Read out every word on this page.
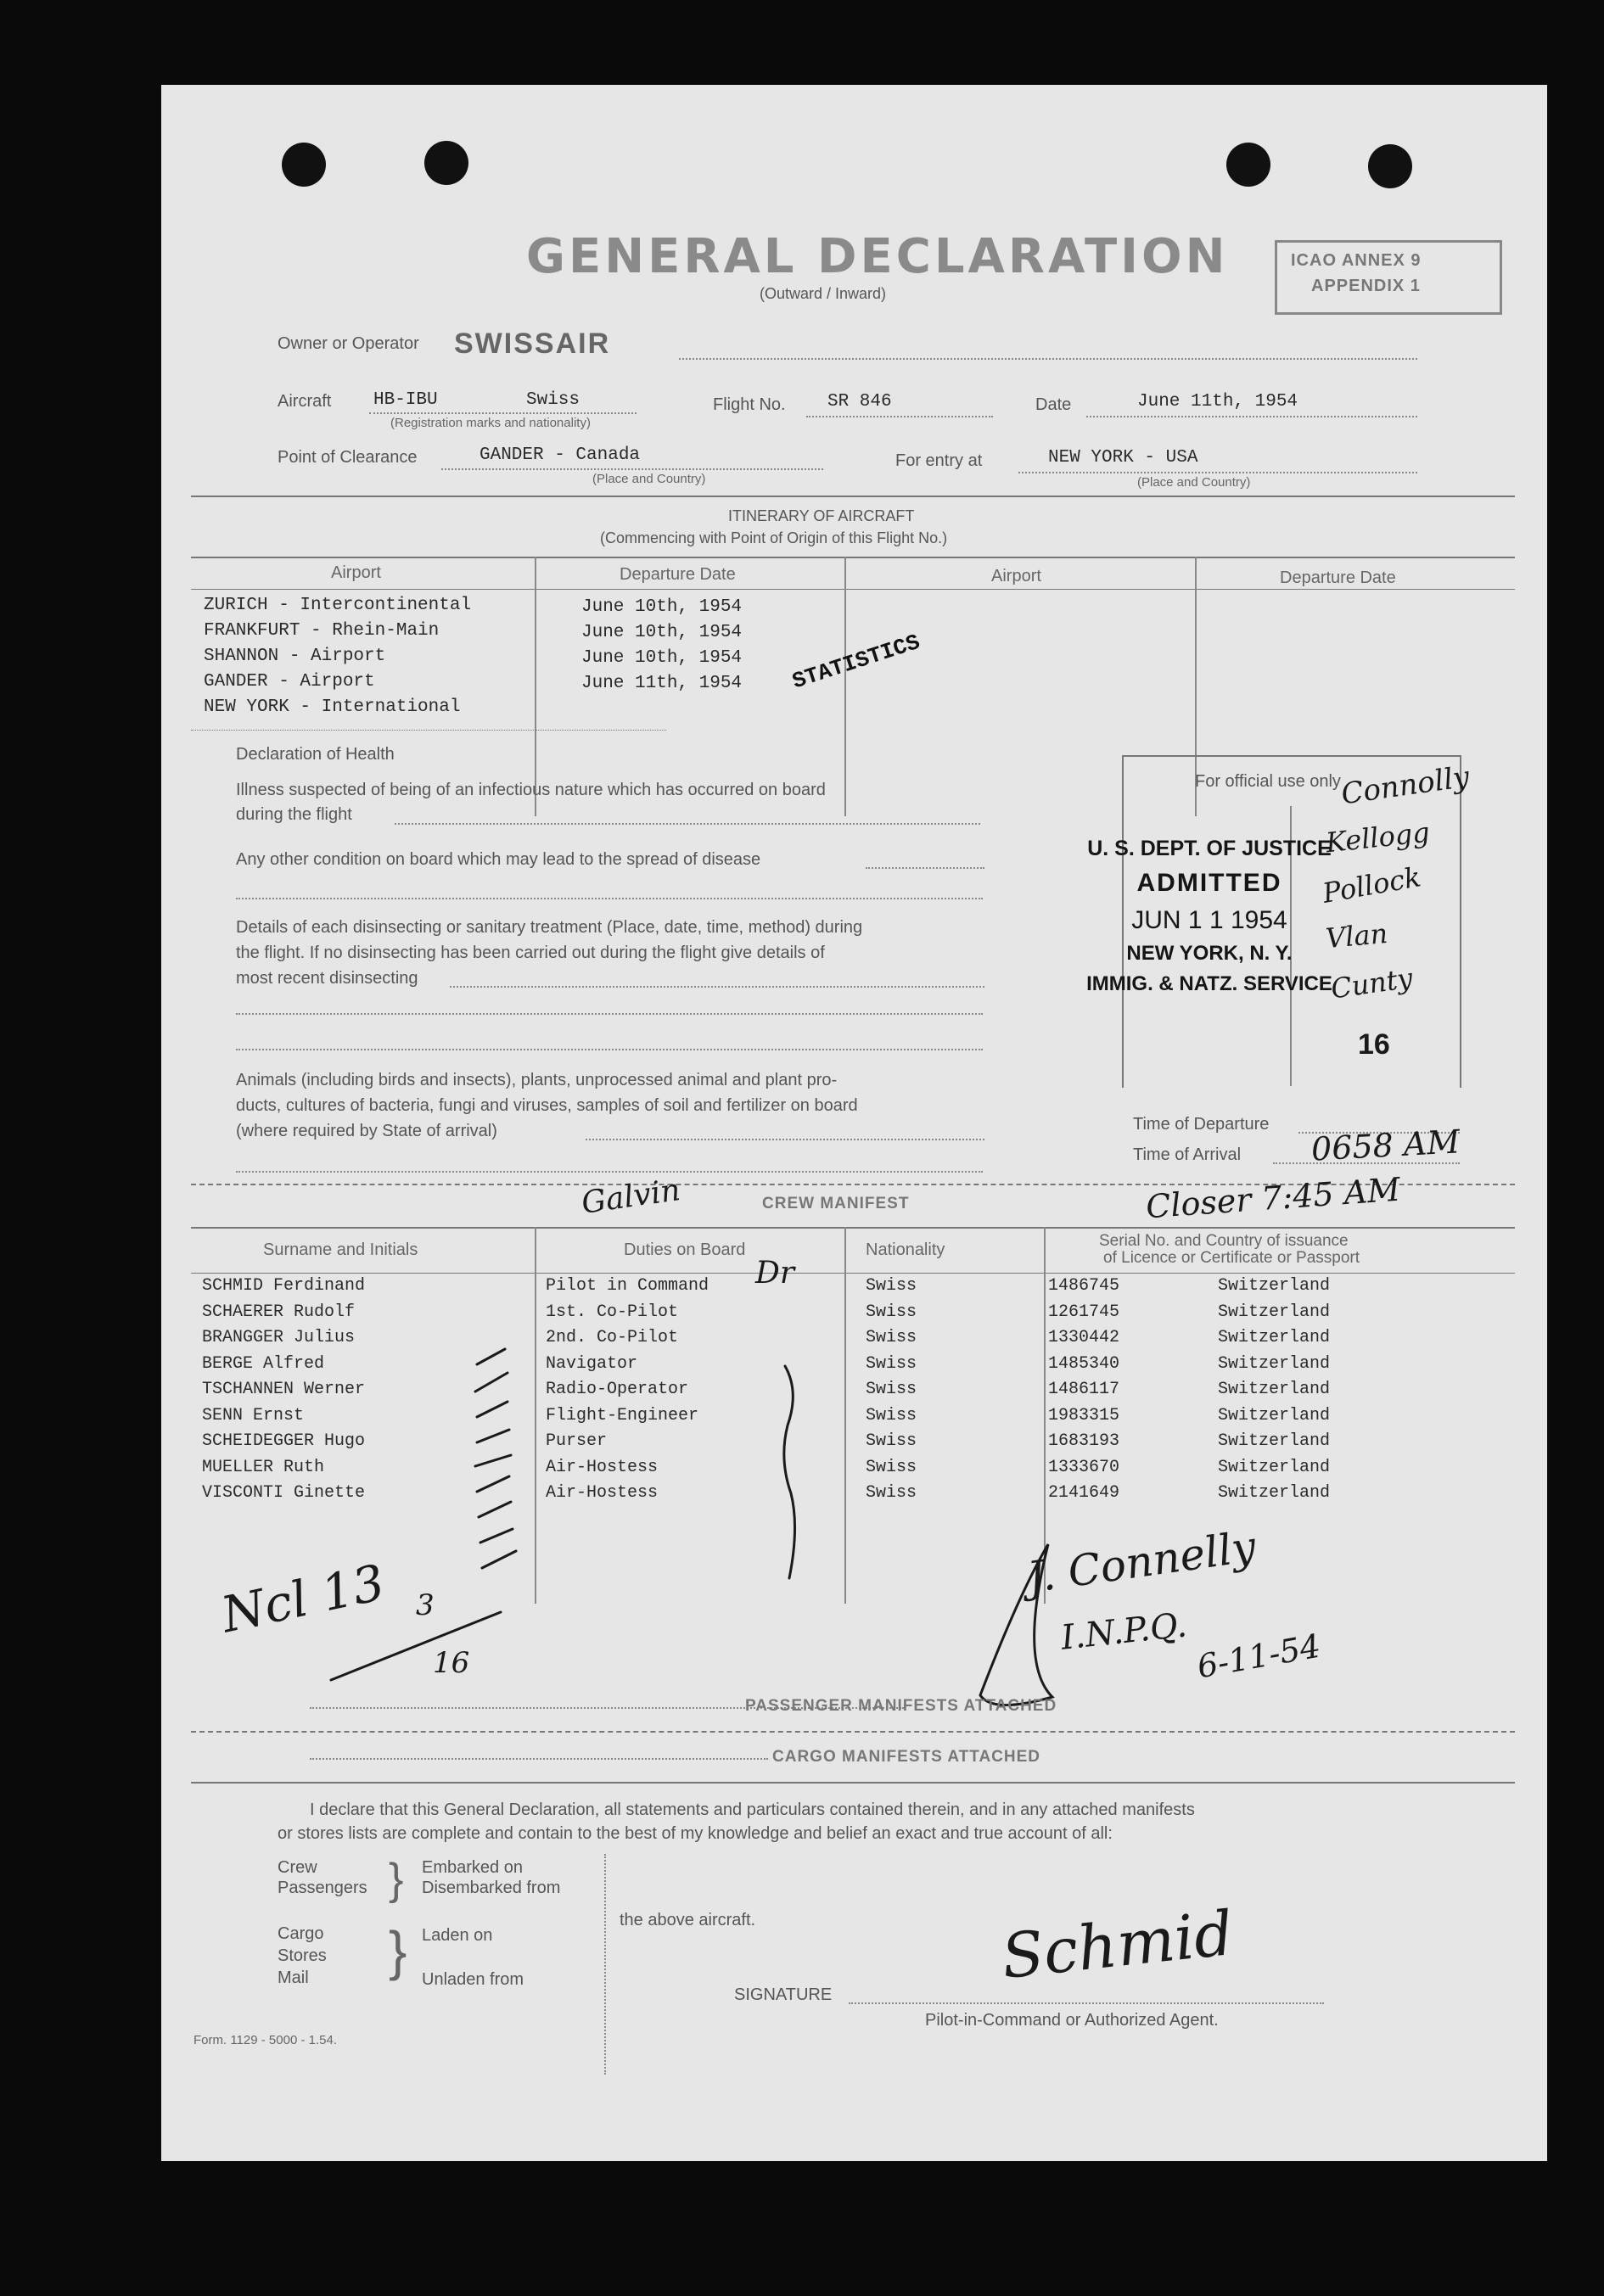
GENERAL DECLARATION
(Outward / Inward)
ICAO ANNEX 9
APPENDIX 1
Owner or Operator SWISSAIR
Aircraft HB-IBU	Swiss
(Registration marks and nationality)
Flight No. SR 846	Date	June 11th, 1954
Point of Clearance	GANDER - Canada
(Place and Country)
For entry at	NEW YORK - USA
(Place and Country)
ITINERARY OF AIRCRAFT
(Commencing with Point of Origin of this Flight No.)
Airport	Departure Date	Airport	Departure Date
ZURICH - Intercontinental	June 10th, 1954
FRANKFURT - Rhein-Main	June 10th, 1954
SHANNON - Airport	June 10th, 1954
GANDER - Airport	June 11th, 1954
NEW YORK - International
STATISTICS
Declaration of Health
Illness suspected of being of an infectious nature which has occurred on board
during the flight
Any other condition on board which may lead to the spread of disease
Details of each disinsecting or sanitary treatment (Place, date, time, method) during
the flight. If no disinsecting has been carried out during the flight give details of
most recent disinsecting
Animals (including birds and insects), plants, unprocessed animal and plant pro-
ducts, cultures of bacteria, fungi and viruses, samples of soil and fertilizer on board
(where required by State of arrival)
For official use only
U. S. DEPT. OF JUSTICE
ADMITTED
JUN 1 1 1954
NEW YORK, N. Y.
IMMIG. & NATZ. SERVICE
Connolly
Kellogg
Pollock
Vlan
Cunty
16
Time of Departure
Time of Arrival 0658 AM
CREW MANIFEST
Galvin	Closer 7:45 AM
Surname and Initials	Duties on Board	Nationality	Serial No. and Country of issuance
of Licence or Certificate or Passport
Dr
SCHMID Ferdinand	Pilot in Command	Swiss	1486745	Switzerland
SCHAERER Rudolf	1st. Co-Pilot	Swiss	1261745	Switzerland
BRANGGER Julius	2nd. Co-Pilot	Swiss	1330442	Switzerland
BERGE Alfred	Navigator	Swiss	1485340	Switzerland
TSCHANNEN Werner	Radio-Operator	Swiss	1486117	Switzerland
SENN Ernst	Flight-Engineer	Swiss	1983315	Switzerland
SCHEIDEGGER Hugo	Purser	Swiss	1683193	Switzerland
MUELLER Ruth	Air-Hostess	Swiss	1333670	Switzerland
VISCONTI Ginette	Air-Hostess	Swiss	2141649	Switzerland
Ncl 13 3
16
J. Connelly
I.N.P.Q. 6-11-54
PASSENGER MANIFESTS ATTACHED
CARGO MANIFESTS ATTACHED
I declare that this General Declaration, all statements and particulars contained therein, and in any attached manifests
or stores lists are complete and contain to the best of my knowledge and belief an exact and true account of all:
Crew
Passengers } Embarked on
Disembarked from
the above aircraft.
Cargo
Stores
Mail } Laden on
Unladen from
SIGNATURE
Schmid
Pilot-in-Command or Authorized Agent.
Form. 1129 - 5000 - 1.54.
